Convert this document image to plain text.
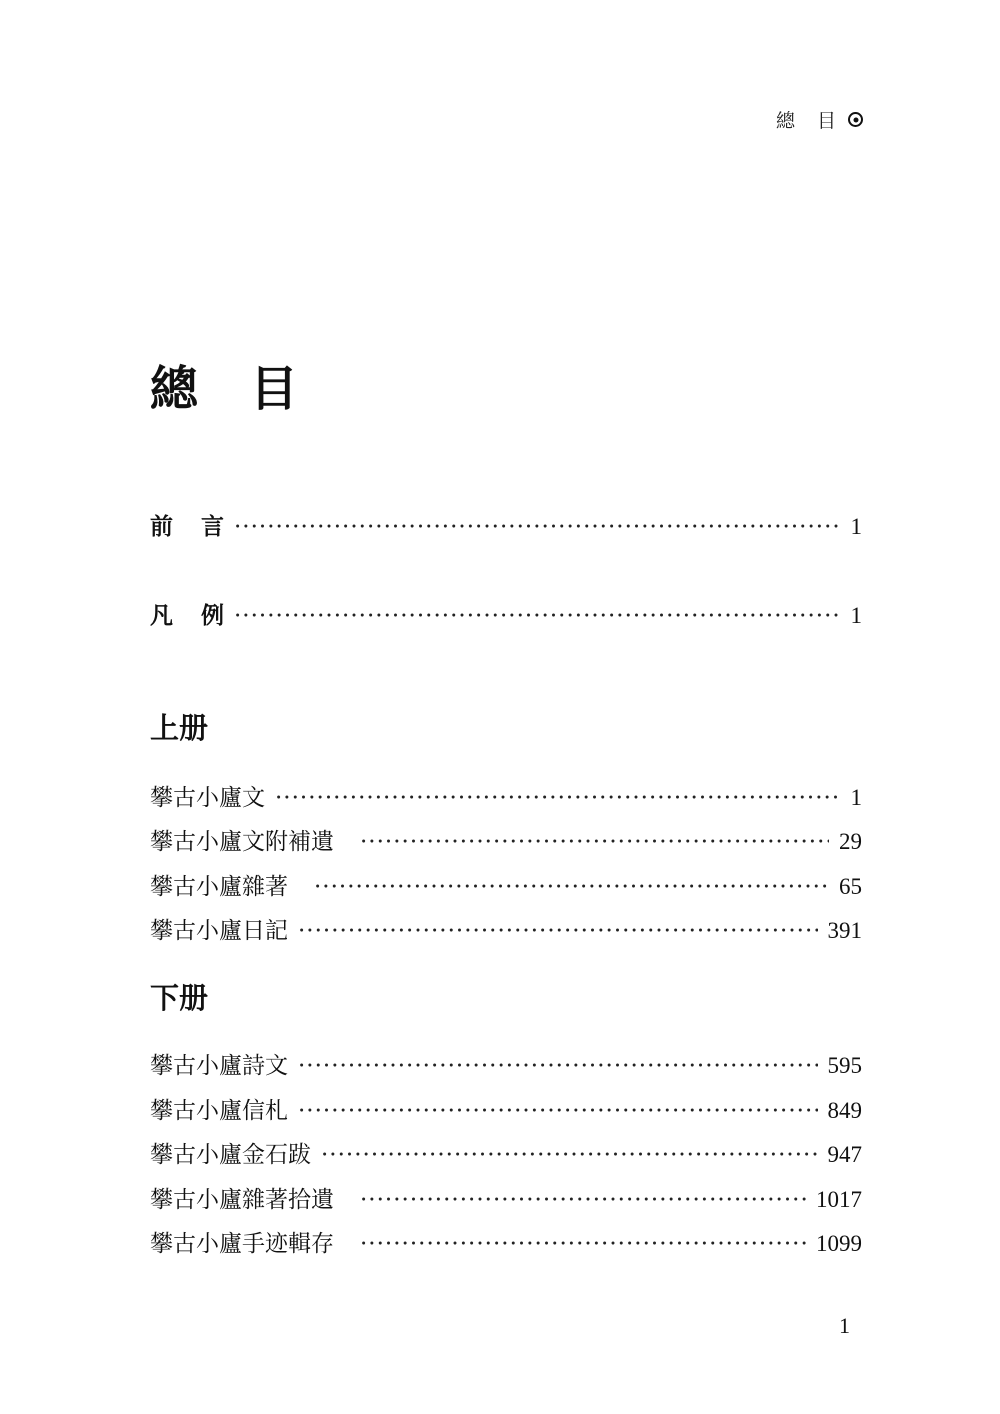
總 目
總 目
前 言 ·····	1
凡 例 ·····	1
上册
攀古小廬文 ·····	1
攀古小廬文附補遺 ·····	29
攀古小廬雜著 ·····	65
攀古小廬日記 ·····	391
下册
攀古小廬詩文 ·····	595
攀古小廬信札 ·····	849
攀古小廬金石跋 ·····	947
攀古小廬雜著拾遺 ·····	1017
攀古小廬手迹輯存 ·····	1099
1
